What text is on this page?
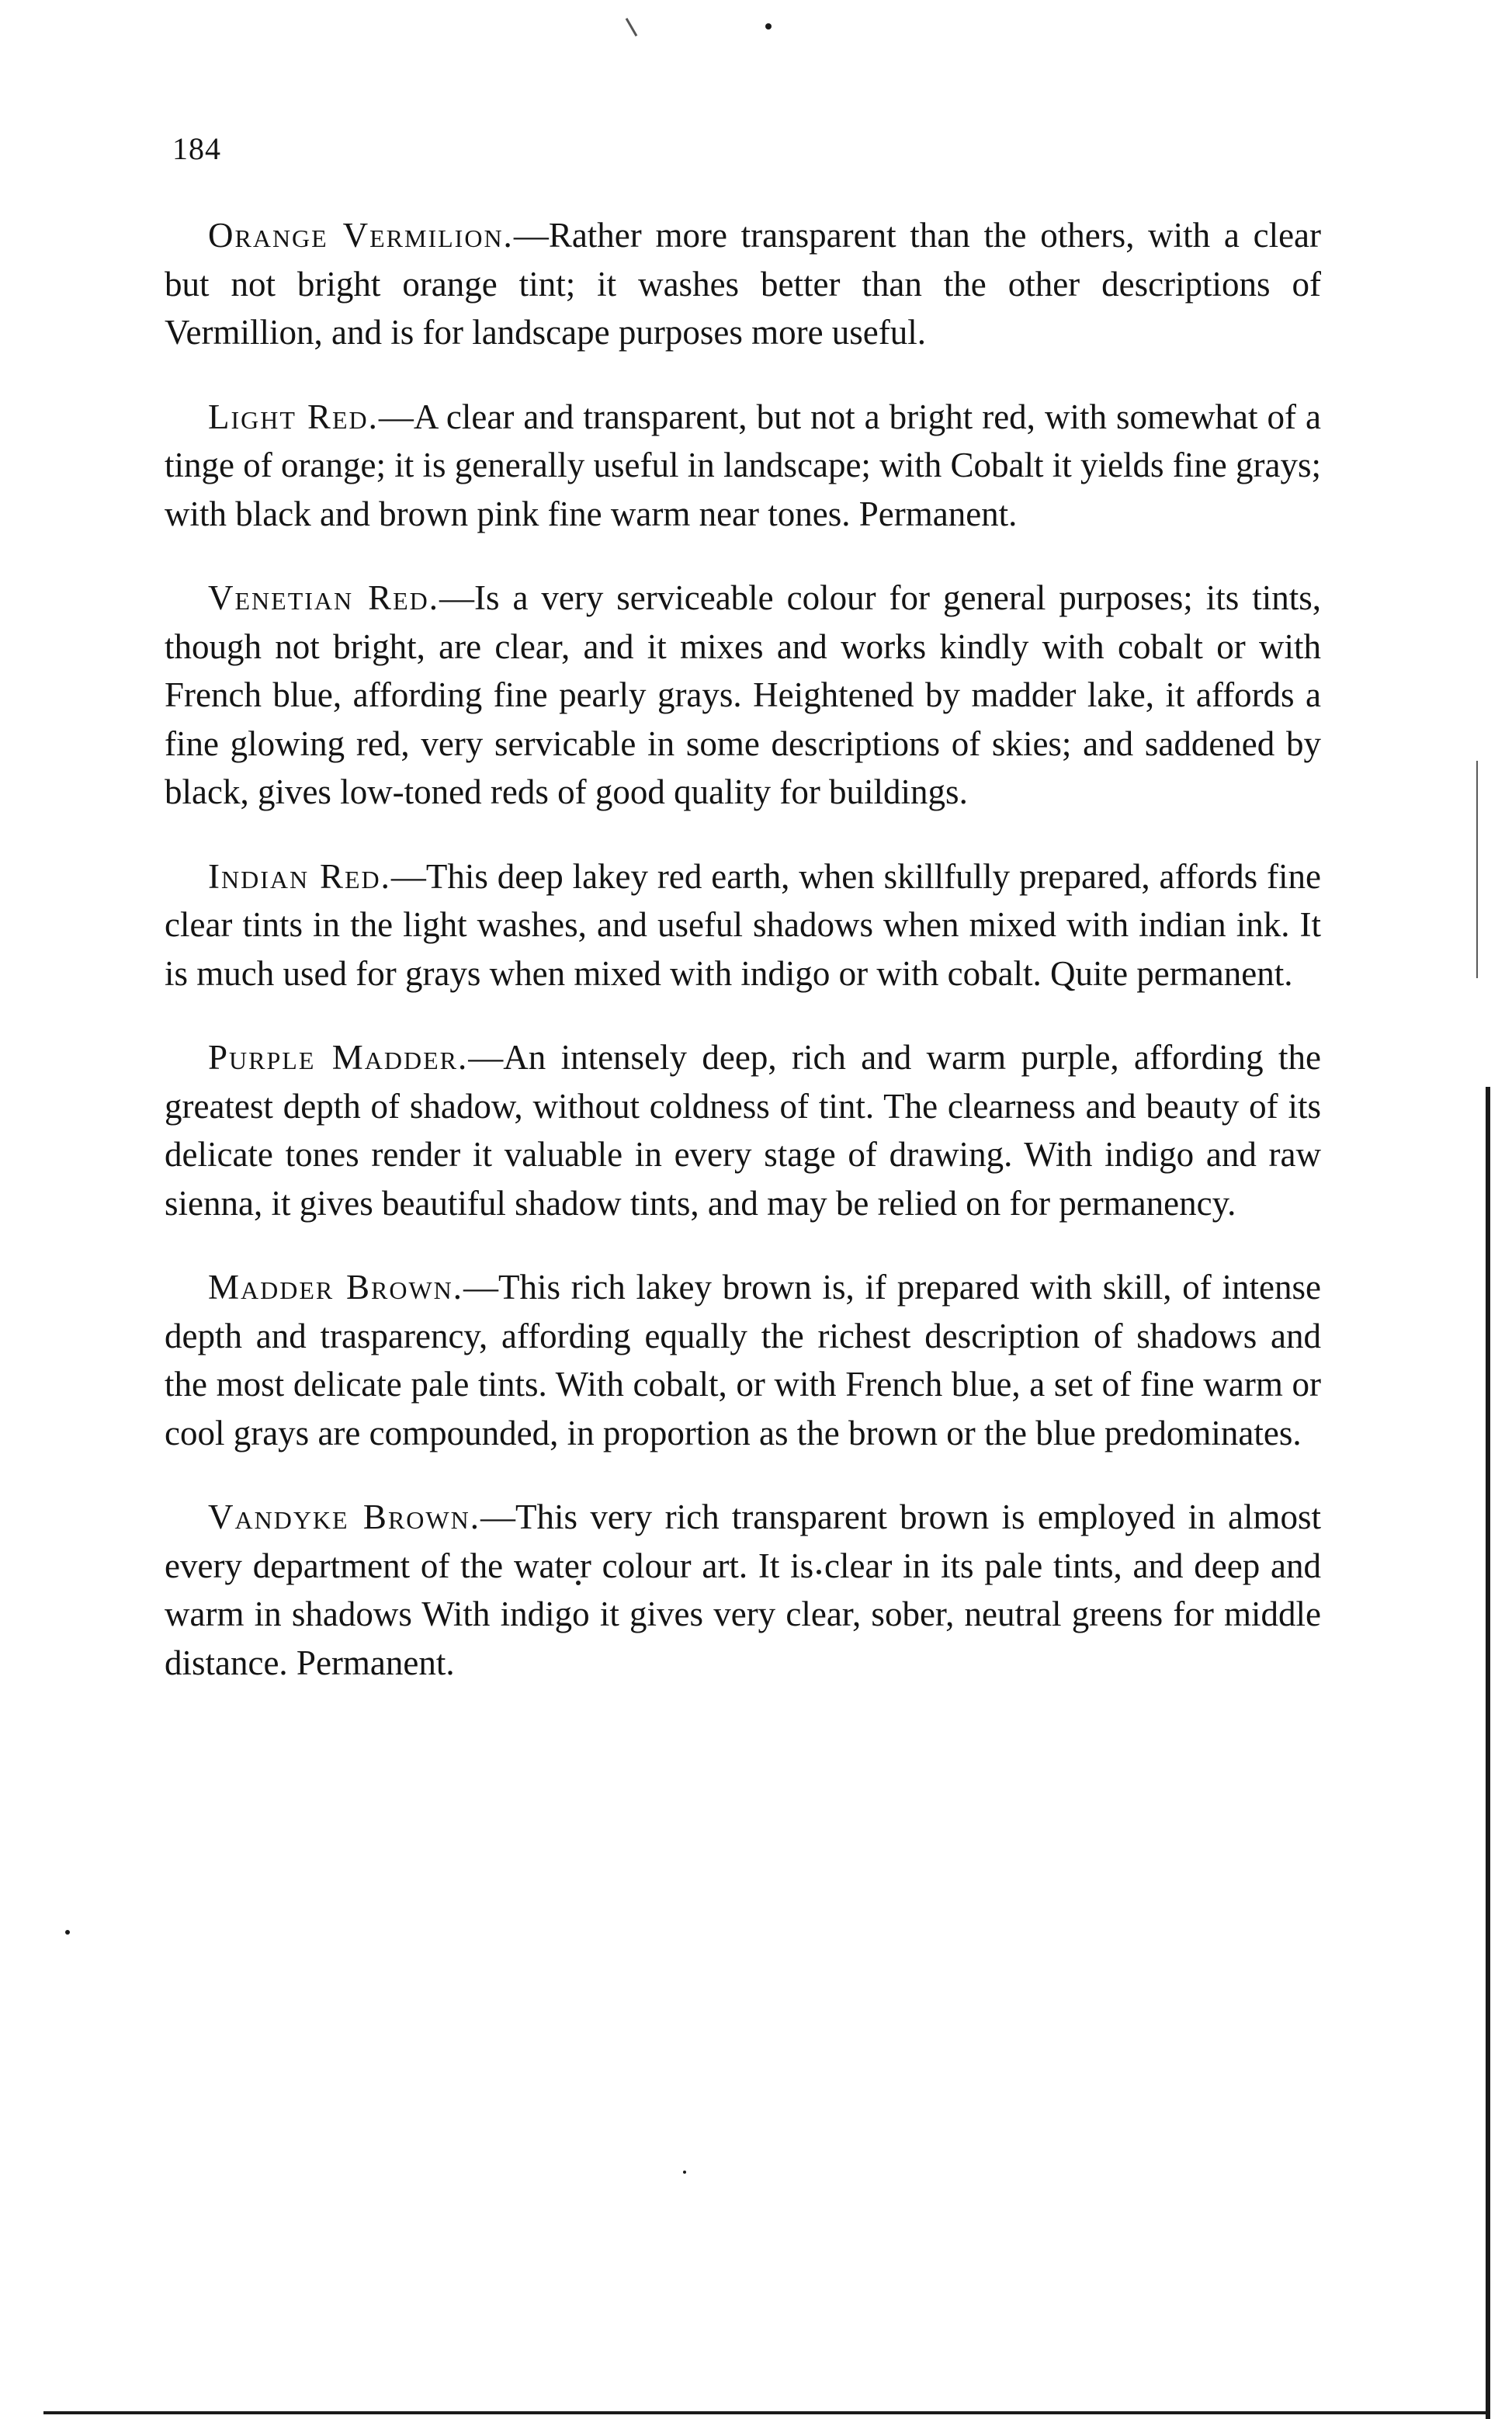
184

Orange Vermilion.—Rather more transparent than the others, with a clear but not bright orange tint; it washes better than the other descriptions of Vermillion, and is for landscape purposes more useful.

Light Red.—A clear and transparent, but not a bright red, with somewhat of a tinge of orange; it is generally useful in landscape; with Cobalt it yields fine grays; with black and brown pink fine warm near tones. Permanent.

Venetian Red.—Is a very serviceable colour for general purposes; its tints, though not bright, are clear, and it mixes and works kindly with cobalt or with French blue, affording fine pearly grays. Heightened by madder lake, it affords a fine glowing red, very servicable in some descriptions of skies; and saddened by black, gives low-toned reds of good quality for buildings.

Indian Red.—This deep lakey red earth, when skillfully prepared, affords fine clear tints in the light washes, and useful shadows when mixed with indian ink. It is much used for grays when mixed with indigo or with cobalt. Quite permanent.

Purple Madder.—An intensely deep, rich and warm purple, affording the greatest depth of shadow, without coldness of tint. The clearness and beauty of its delicate tones render it valuable in every stage of drawing. With indigo and raw sienna, it gives beautiful shadow tints, and may be relied on for permanency.

Madder Brown.—This rich lakey brown is, if prepared with skill, of intense depth and trasparency, affording equally the richest description of shadows and the most delicate pale tints. With cobalt, or with French blue, a set of fine warm or cool grays are compounded, in proportion as the brown or the blue predominates.

Vandyke Brown.—This very rich transparent brown is employed in almost every department of the water colour art. It is clear in its pale tints, and deep and warm in shadows With indigo it gives very clear, sober, neutral greens for middle distance. Permanent.
